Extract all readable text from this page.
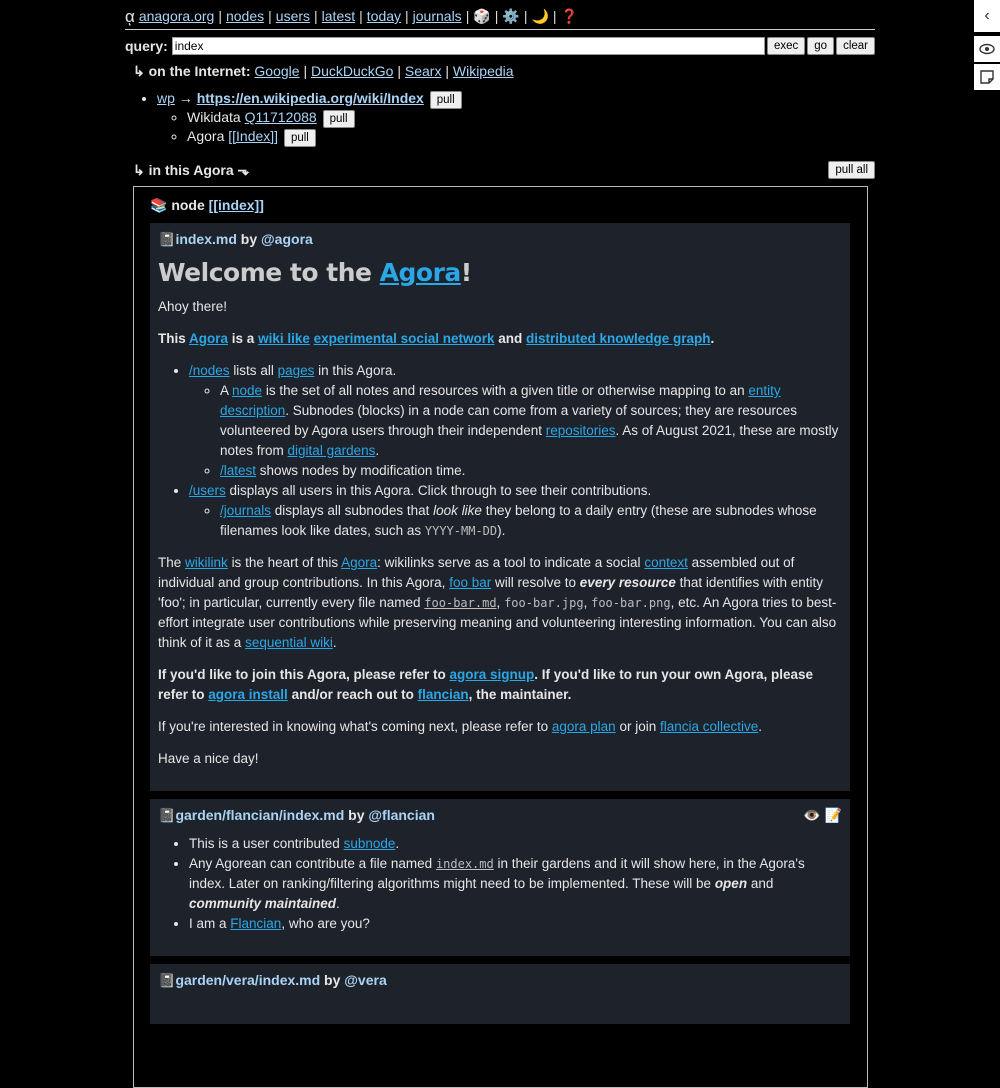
ᾳ anagora.org | nodes | users | latest | today | journals | 🎲 | ⚙️ | 🌙 | ❓
query:
index	exec	go	clear
↳ on the Internet: Google | DuckDuckGo | Searx | Wikipedia
• wp → https://en.wikipedia.org/wiki/Index pull
◦ Wikidata Q11712088 pull
◦ Agora [[Index]] pull
↳ in this Agora ⬎	pull all
📚 node [[index]]
📓index.md by @agora
Welcome to the Agora!

Ahoy there!

This Agora is a wiki like experimental social network and distributed knowledge graph.

• /nodes lists all pages in this Agora.
◦ A node is the set of all notes and resources with a given title or otherwise mapping to an entity description. Subnodes (blocks) in a node can come from a variety of sources; they are resources volunteered by Agora users through their independent repositories. As of August 2021, these are mostly notes from digital gardens.
◦ /latest shows nodes by modification time.
• /users displays all users in this Agora. Click through to see their contributions.
◦ /journals displays all subnodes that look like they belong to a daily entry (these are subnodes whose filenames look like dates, such as YYYY-MM-DD).

The wikilink is the heart of this Agora: wikilinks serve as a tool to indicate a social context assembled out of individual and group contributions. In this Agora, foo bar will resolve to every resource that identifies with entity 'foo'; in particular, currently every file named foo-bar.md, foo-bar.jpg, foo-bar.png, etc. An Agora tries to best-effort integrate user contributions while preserving meaning and volunteering interesting information. You can also think of it as a sequential wiki.

If you'd like to join this Agora, please refer to agora signup. If you'd like to run your own Agora, please refer to agora install and/or reach out to flancian, the maintainer.

If you're interested in knowing what's coming next, please refer to agora plan or join flancia collective.

Have a nice day!

📓garden/flancian/index.md by @flancian	👁️ 📝
• This is a user contributed subnode.
• Any Agorean can contribute a file named index.md in their gardens and it will show here, in the Agora's index. Later on ranking/filtering algorithms might need to be implemented. These will be open and community maintained.
• I am a Flancian, who are you?
📓garden/vera/index.md by @vera
‹
